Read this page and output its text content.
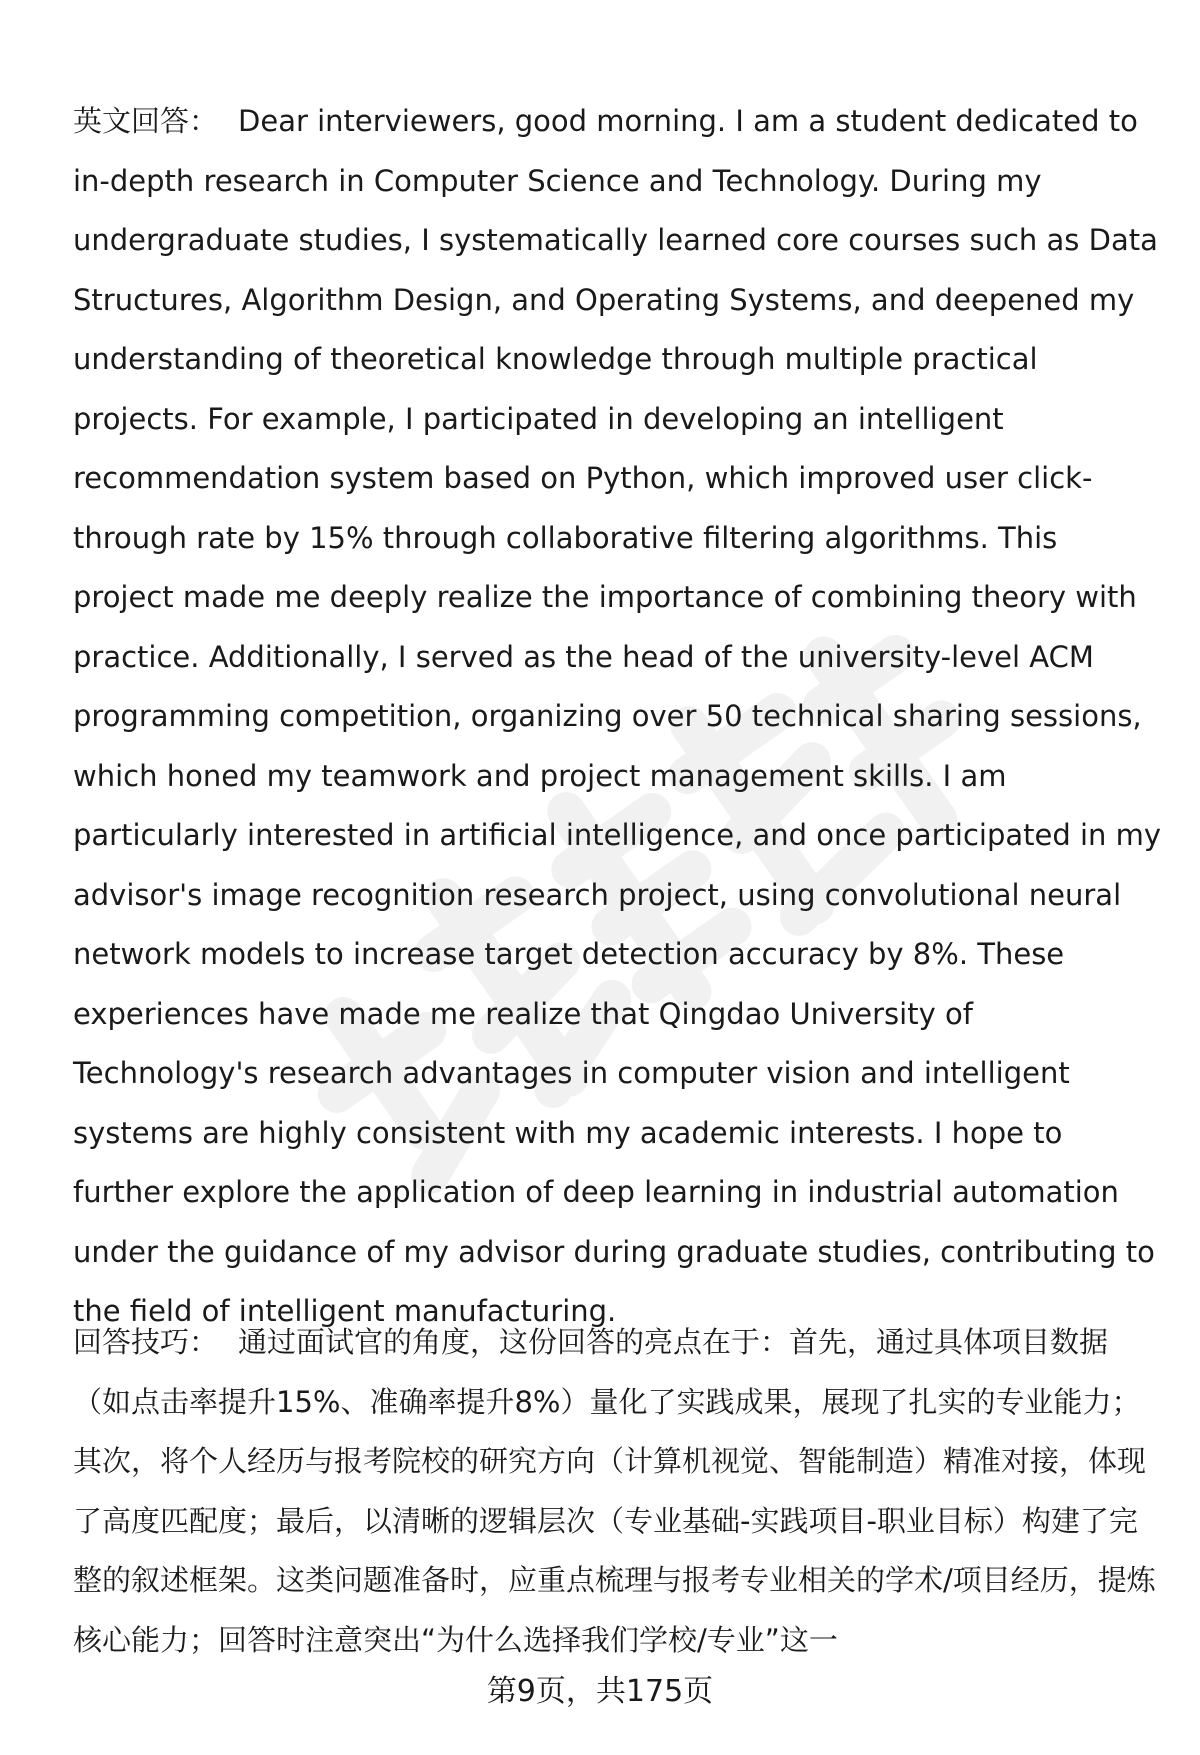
英文回答： Dear interviewers, good morning. I am a student dedicated to in-depth research in Computer Science and Technology. During my undergraduate studies, I systematically learned core courses such as Data Structures, Algorithm Design, and Operating Systems, and deepened my understanding of theoretical knowledge through multiple practical projects. For example, I participated in developing an intelligent recommendation system based on Python, which improved user click-through rate by 15% through collaborative filtering algorithms. This project made me deeply realize the importance of combining theory with practice. Additionally, I served as the head of the university-level ACM programming competition, organizing over 50 technical sharing sessions, which honed my teamwork and project management skills. I am particularly interested in artificial intelligence, and once participated in my advisor's image recognition research project, using convolutional neural network models to increase target detection accuracy by 8%. These experiences have made me realize that Qingdao University of Technology's research advantages in computer vision and intelligent systems are highly consistent with my academic interests. I hope to further explore the application of deep learning in industrial automation under the guidance of my advisor during graduate studies, contributing to the field of intelligent manufacturing.

回答技巧： 通过面试官的角度，这份回答的亮点在于：首先，通过具体项目数据（如点击率提升15%、准确率提升8%）量化了实践成果，展现了扎实的专业能力；其次，将个人经历与报考院校的研究方向（计算机视觉、智能制造）精准对接，体现了高度匹配度；最后，以清晰的逻辑层次（专业基础-实践项目-职业目标）构建了完整的叙述框架。这类问题准备时，应重点梳理与报考专业相关的学术/项目经历，提炼核心能力；回答时注意突出“为什么选择我们学校/专业”这一

第9页，共175页
